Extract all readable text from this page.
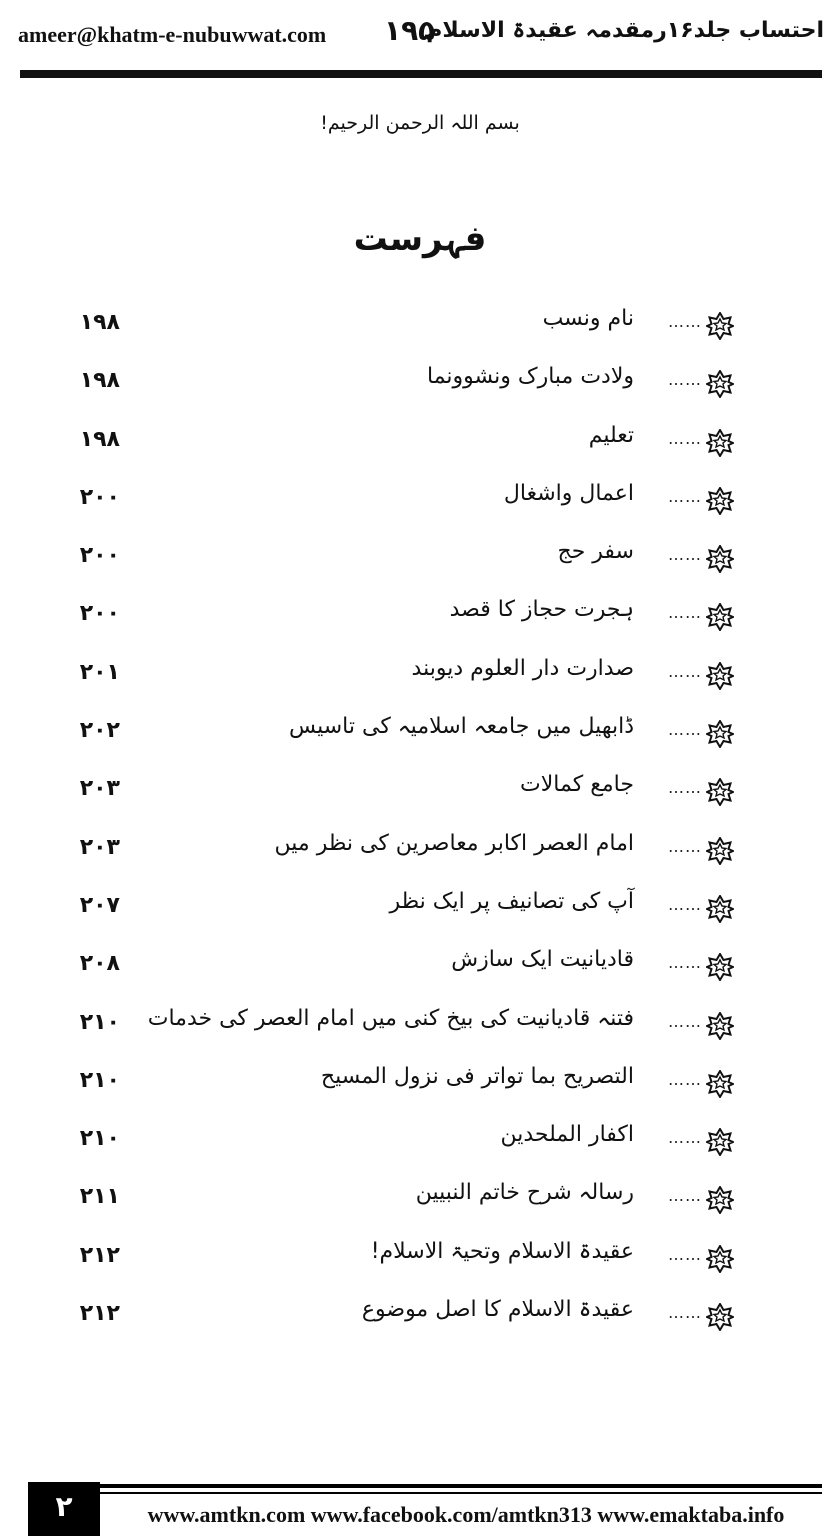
ameer@khatm-e-nubuwwat.com ۱۹۵
احتساب جلد۱۶رمقدمہ عقیدۃ الاسلام
بسم اللہ الرحمن الرحیم!
فہرست
……
نام ونسب
۱۹۸
……
ولادت مبارک ونشوونما
۱۹۸
……
تعلیم
۱۹۸
……
اعمال واشغال
۲۰۰
……
سفر حج
۲۰۰
……
ہجرت حجاز کا قصد
۲۰۰
……
صدارت دار العلوم دیوبند
۲۰۱
……
ڈابھیل میں جامعہ اسلامیہ کی تاسیس
۲۰۲
……
جامع کمالات
۲۰۳
……
امام العصر اکابر معاصرین کی نظر میں
۲۰۳
……
آپ کی تصانیف پر ایک نظر
۲۰۷
……
قادیانیت ایک سازش
۲۰۸
……
فتنہ قادیانیت کی بیخ کنی میں امام العصر کی خدمات
۲۱۰
……
التصریح بما تواتر فی نزول المسیح
۲۱۰
……
اکفار الملحدین
۲۱۰
……
رسالہ شرح خاتم النبیین
۲۱۱
……
عقیدۃ الاسلام وتحیۃ الاسلام!
۲۱۲
……
عقیدۃ الاسلام کا اصل موضوع
۲۱۲
۲	www.amtkn.com www.facebook.com/amtkn313 www.emaktaba.info
